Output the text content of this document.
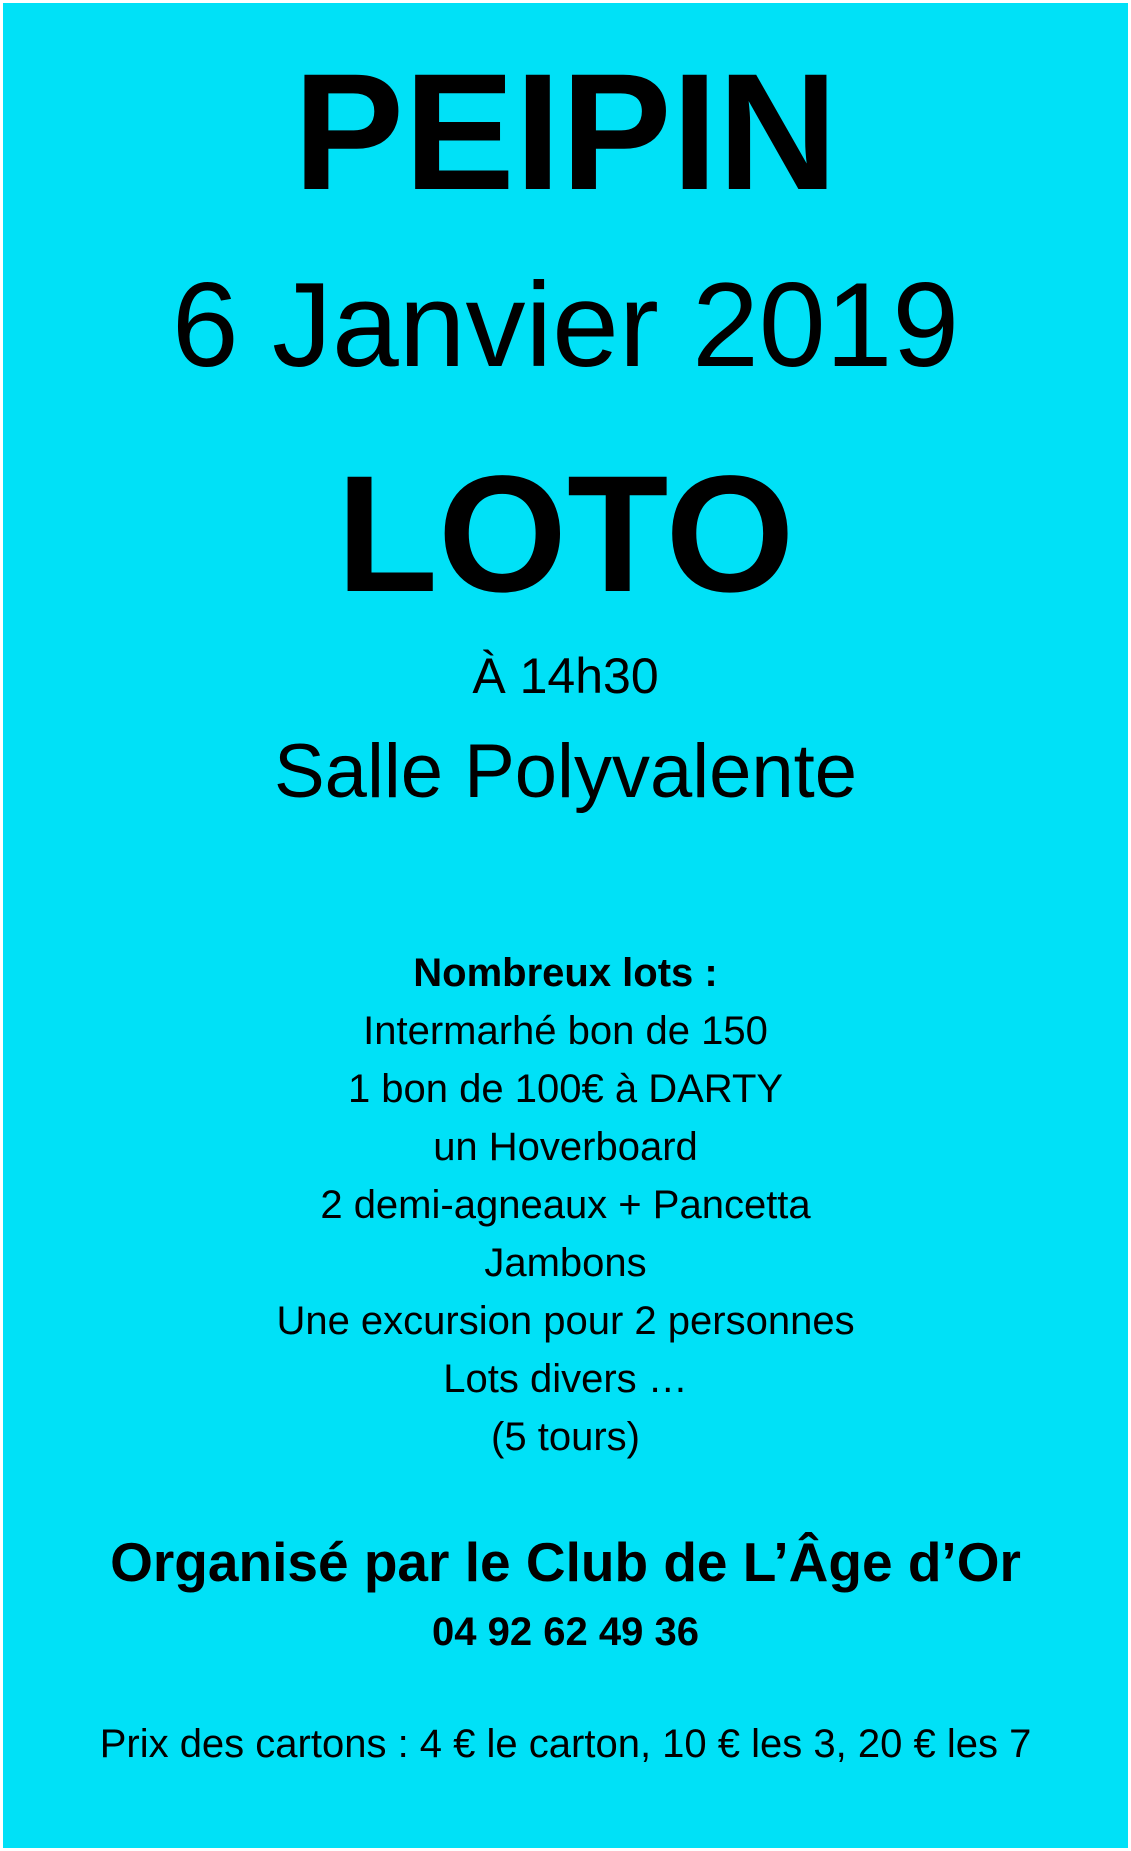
PEIPIN
6 Janvier 2019
LOTO
À 14h30
Salle Polyvalente
Nombreux lots :
Intermarhé bon de 150
1 bon de 100€ à DARTY
un Hoverboard
2 demi-agneaux + Pancetta
Jambons
Une excursion pour 2 personnes
Lots divers …
(5 tours)
Organisé par le Club de L’Âge d’Or
04 92 62 49 36
Prix des cartons : 4 € le carton, 10 € les 3, 20 € les 7
